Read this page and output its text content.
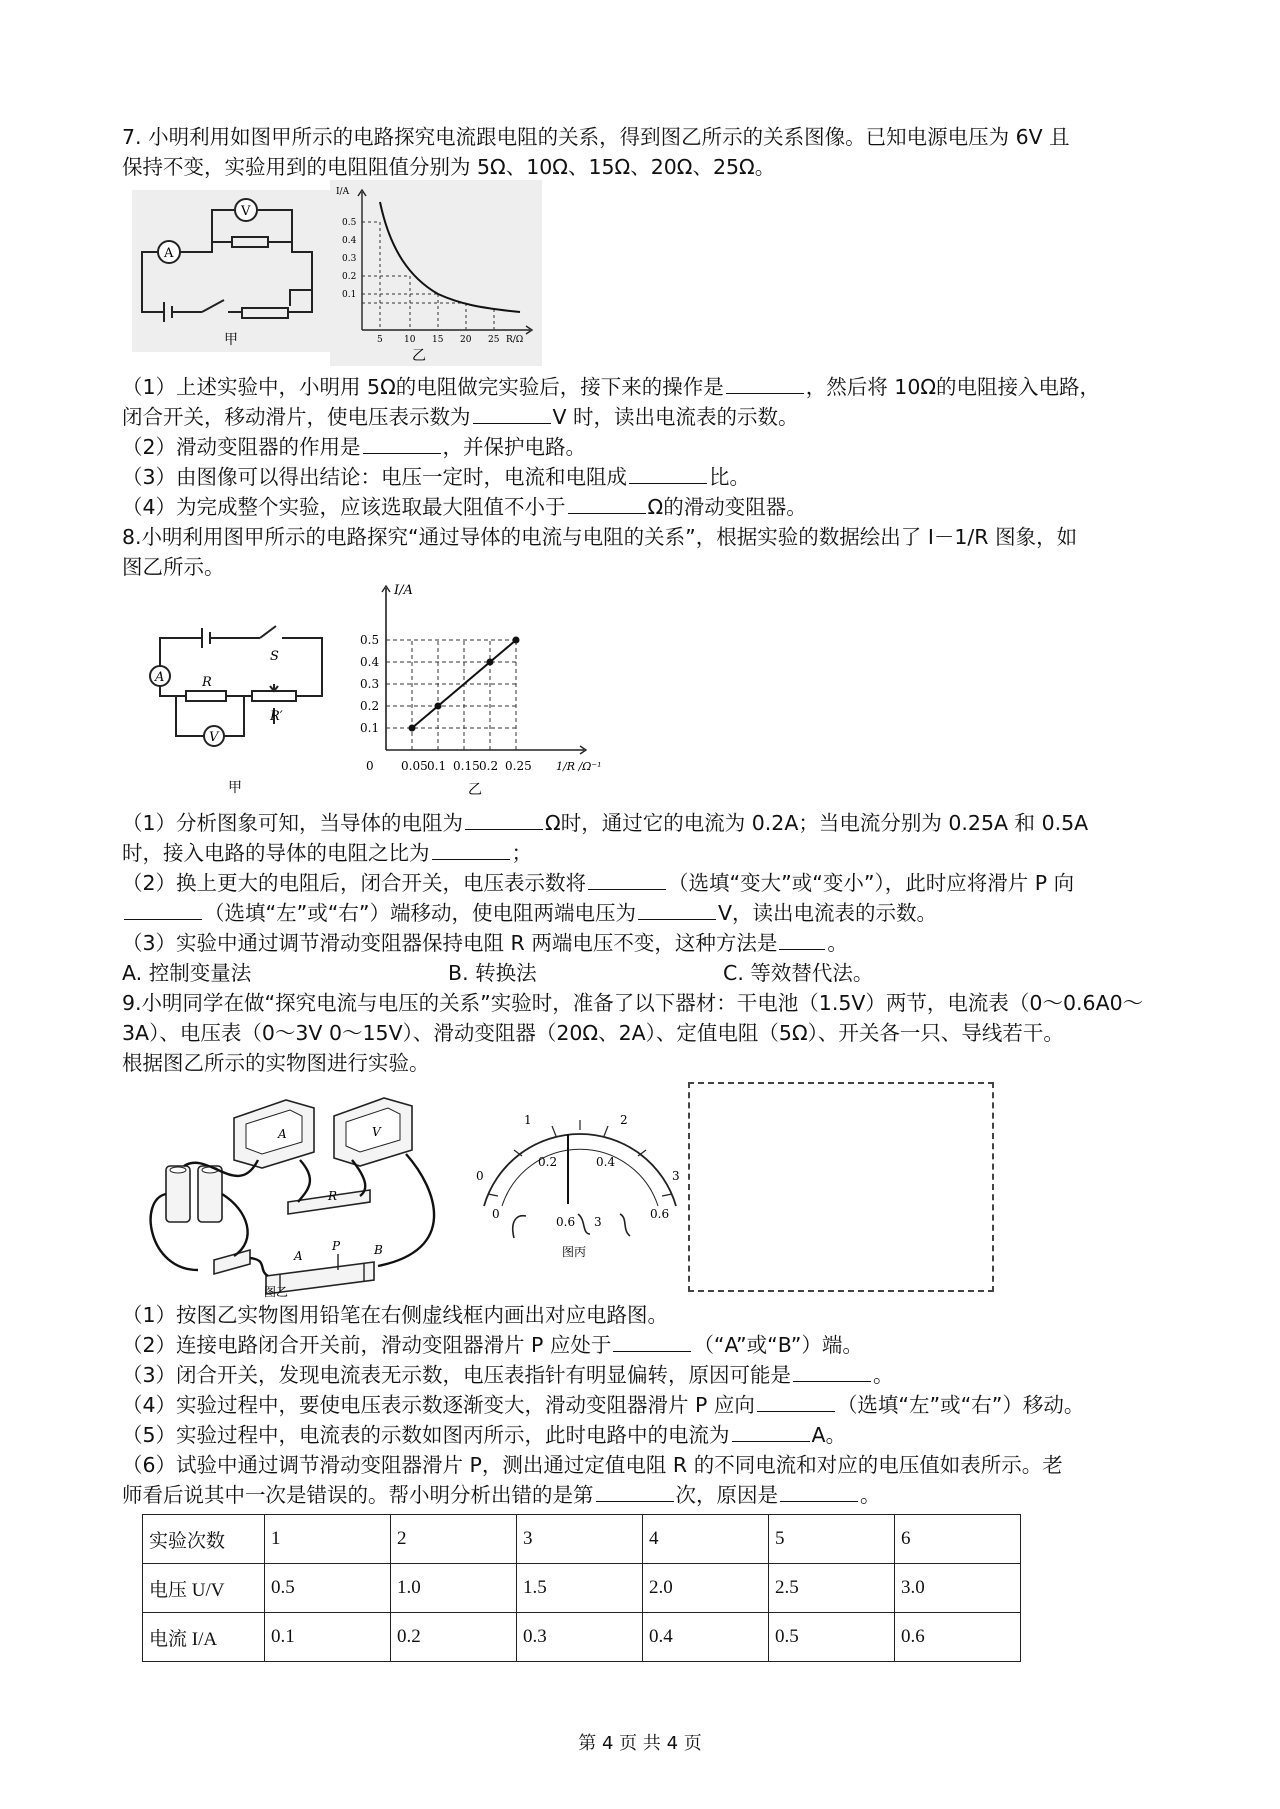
7. 小明利用如图甲所示的电路探究电流跟电阻的关系，得到图乙所示的关系图像。已知电源电压为 6V 且
保持不变，实验用到的电阻阻值分别为 5Ω、10Ω、15Ω、20Ω、25Ω。
A
V
甲
I/A
0.5
0.4
0.3
0.2
0.1
5 10 15 20 25 R/Ω
乙
（1）上述实验中，小明用 5Ω的电阻做完实验后，接下来的操作是	，然后将 10Ω的电阻接入电路，
闭合开关，移动滑片，使电压表示数为	V 时，读出电流表的示数。
（2）滑动变阻器的作用是	，并保护电路。
（3）由图像可以得出结论：电压一定时，电流和电阻成	比。
（4）为完成整个实验，应该选取最大阻值不小于	Ω的滑动变阻器。
8.小明利用图甲所示的电路探究“通过导体的电流与电阻的关系”，根据实验的数据绘出了 I－1/R 图象，如
图乙所示。
A
V
S
R
R′
甲
0.05 0.1 0.15 0.2 0.25
0.1
0.2
0.3
0.4
0.5
I/A
1/R /Ω⁻¹
0
乙
（1）分析图象可知，当导体的电阻为	Ω时，通过它的电流为 0.2A；当电流分别为 0.25A 和 0.5A
时，接入电路的导体的电阻之比为	；
（2）换上更大的电阻后，闭合开关，电压表示数将	（选填“变大”或“变小”），此时应将滑片 P 向
（选填“左”或“右”）端移动，使电阻两端电压为	V，读出电流表的示数。
（3）实验中通过调节滑动变阻器保持电阻 R 两端电压不变，这种方法是 。
A. 控制变量法	B. 转换法	C. 等效替代法。
9.小明同学在做“探究电流与电压的关系”实验时，准备了以下器材：干电池（1.5V）两节，电流表（0～0.6A0～
3A）、电压表（0～3V 0～15V）、滑动变阻器（20Ω、2A）、定值电阻（5Ω）、开关各一只、导线若干。
根据图乙所示的实物图进行实验。
A	V
R
P
A	B
图乙
1	2
0
0.2	0.4
0.6
0	3
0.6 3
图丙
（1）按图乙实物图用铅笔在右侧虚线框内画出对应电路图。
（2）连接电路闭合开关前，滑动变阻器滑片 P 应处于	（“A”或“B”）端。
（3）闭合开关，发现电流表无示数，电压表指针有明显偏转，原因可能是	。
（4）实验过程中，要使电压表示数逐渐变大，滑动变阻器滑片 P 应向	（选填“左”或“右”）移动。
（5）实验过程中，电流表的示数如图丙所示，此时电路中的电流为	A。
（6）试验中通过调节滑动变阻器滑片 P，测出通过定值电阻 R 的不同电流和对应的电压值如表所示。老
师看后说其中一次是错误的。帮小明分析出错的是第	次，原因是	。
实验次数	1	2	3	4	5	6
电压 U/V	0.5	1.0	1.5	2.0	2.5	3.0
电流 I/A	0.1	0.2	0.3	0.4	0.5	0.6
第 4 页 共 4 页
